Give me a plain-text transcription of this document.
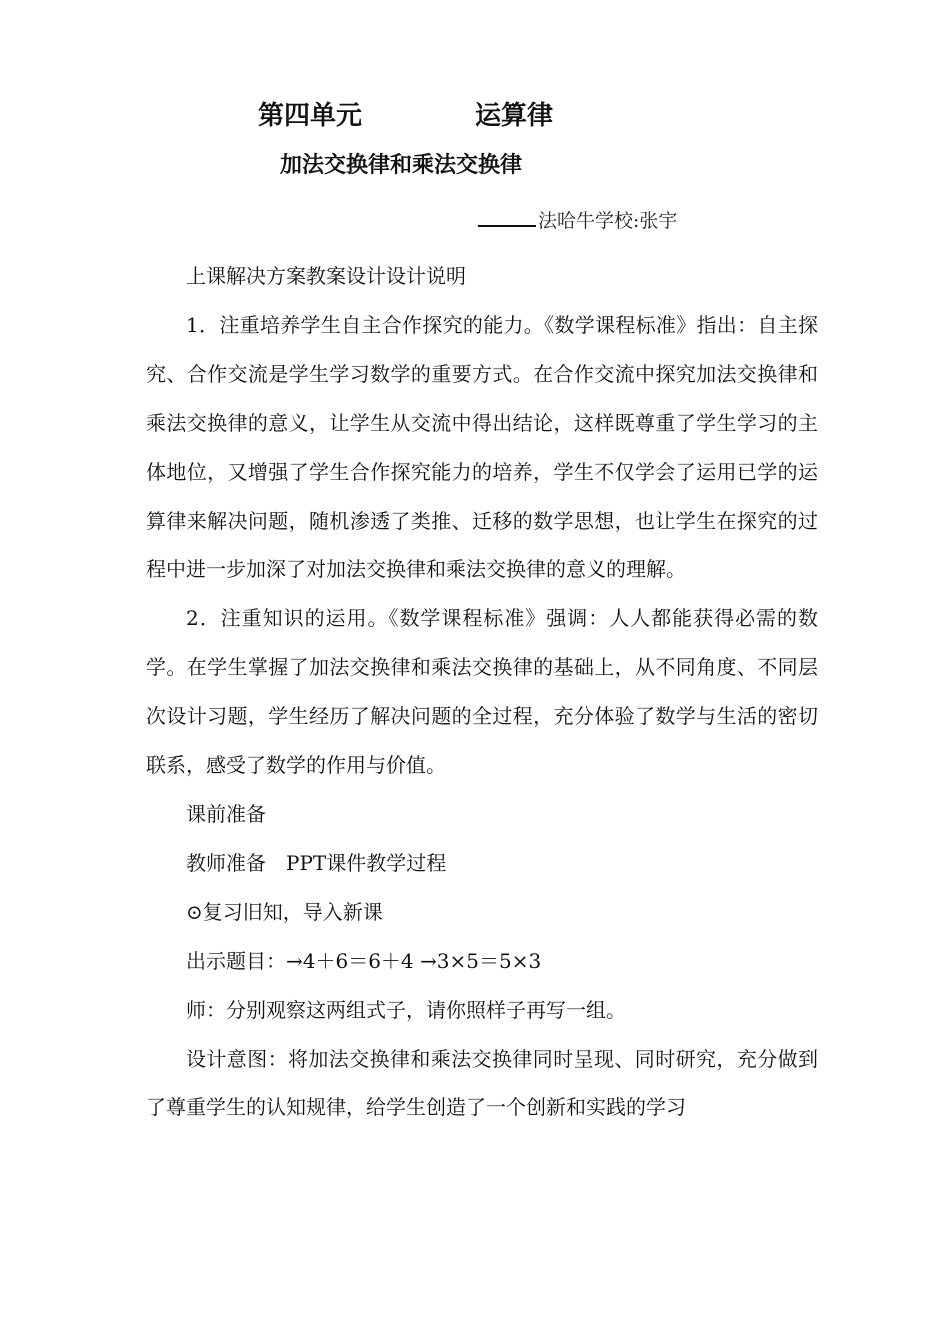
第四单元	运算律
加法交换律和乘法交换律
法哈牛学校:张宇

上课解决方案教案设计设计说明

1．注重培养学生自主合作探究的能力。《数学课程标准》指出：自主探究、合作交流是学生学习数学的重要方式。在合作交流中探究加法交换律和乘法交换律的意义，让学生从交流中得出结论，这样既尊重了学生学习的主体地位，又增强了学生合作探究能力的培养，学生不仅学会了运用已学的运算律来解决问题，随机渗透了类推、迁移的数学思想，也让学生在探究的过程中进一步加深了对加法交换律和乘法交换律的意义的理解。

2．注重知识的运用。《数学课程标准》强调：人人都能获得必需的数学。在学生掌握了加法交换律和乘法交换律的基础上，从不同角度、不同层次设计习题，学生经历了解决问题的全过程，充分体验了数学与生活的密切联系，感受了数学的作用与价值。

课前准备

教师准备　PPT课件教学过程

⊙复习旧知，导入新课

出示题目：→4＋6＝6＋4 →3×5＝5×3

师：分别观察这两组式子，请你照样子再写一组。

设计意图：将加法交换律和乘法交换律同时呈现、同时研究，充分做到了尊重学生的认知规律，给学生创造了一个创新和实践的学习
